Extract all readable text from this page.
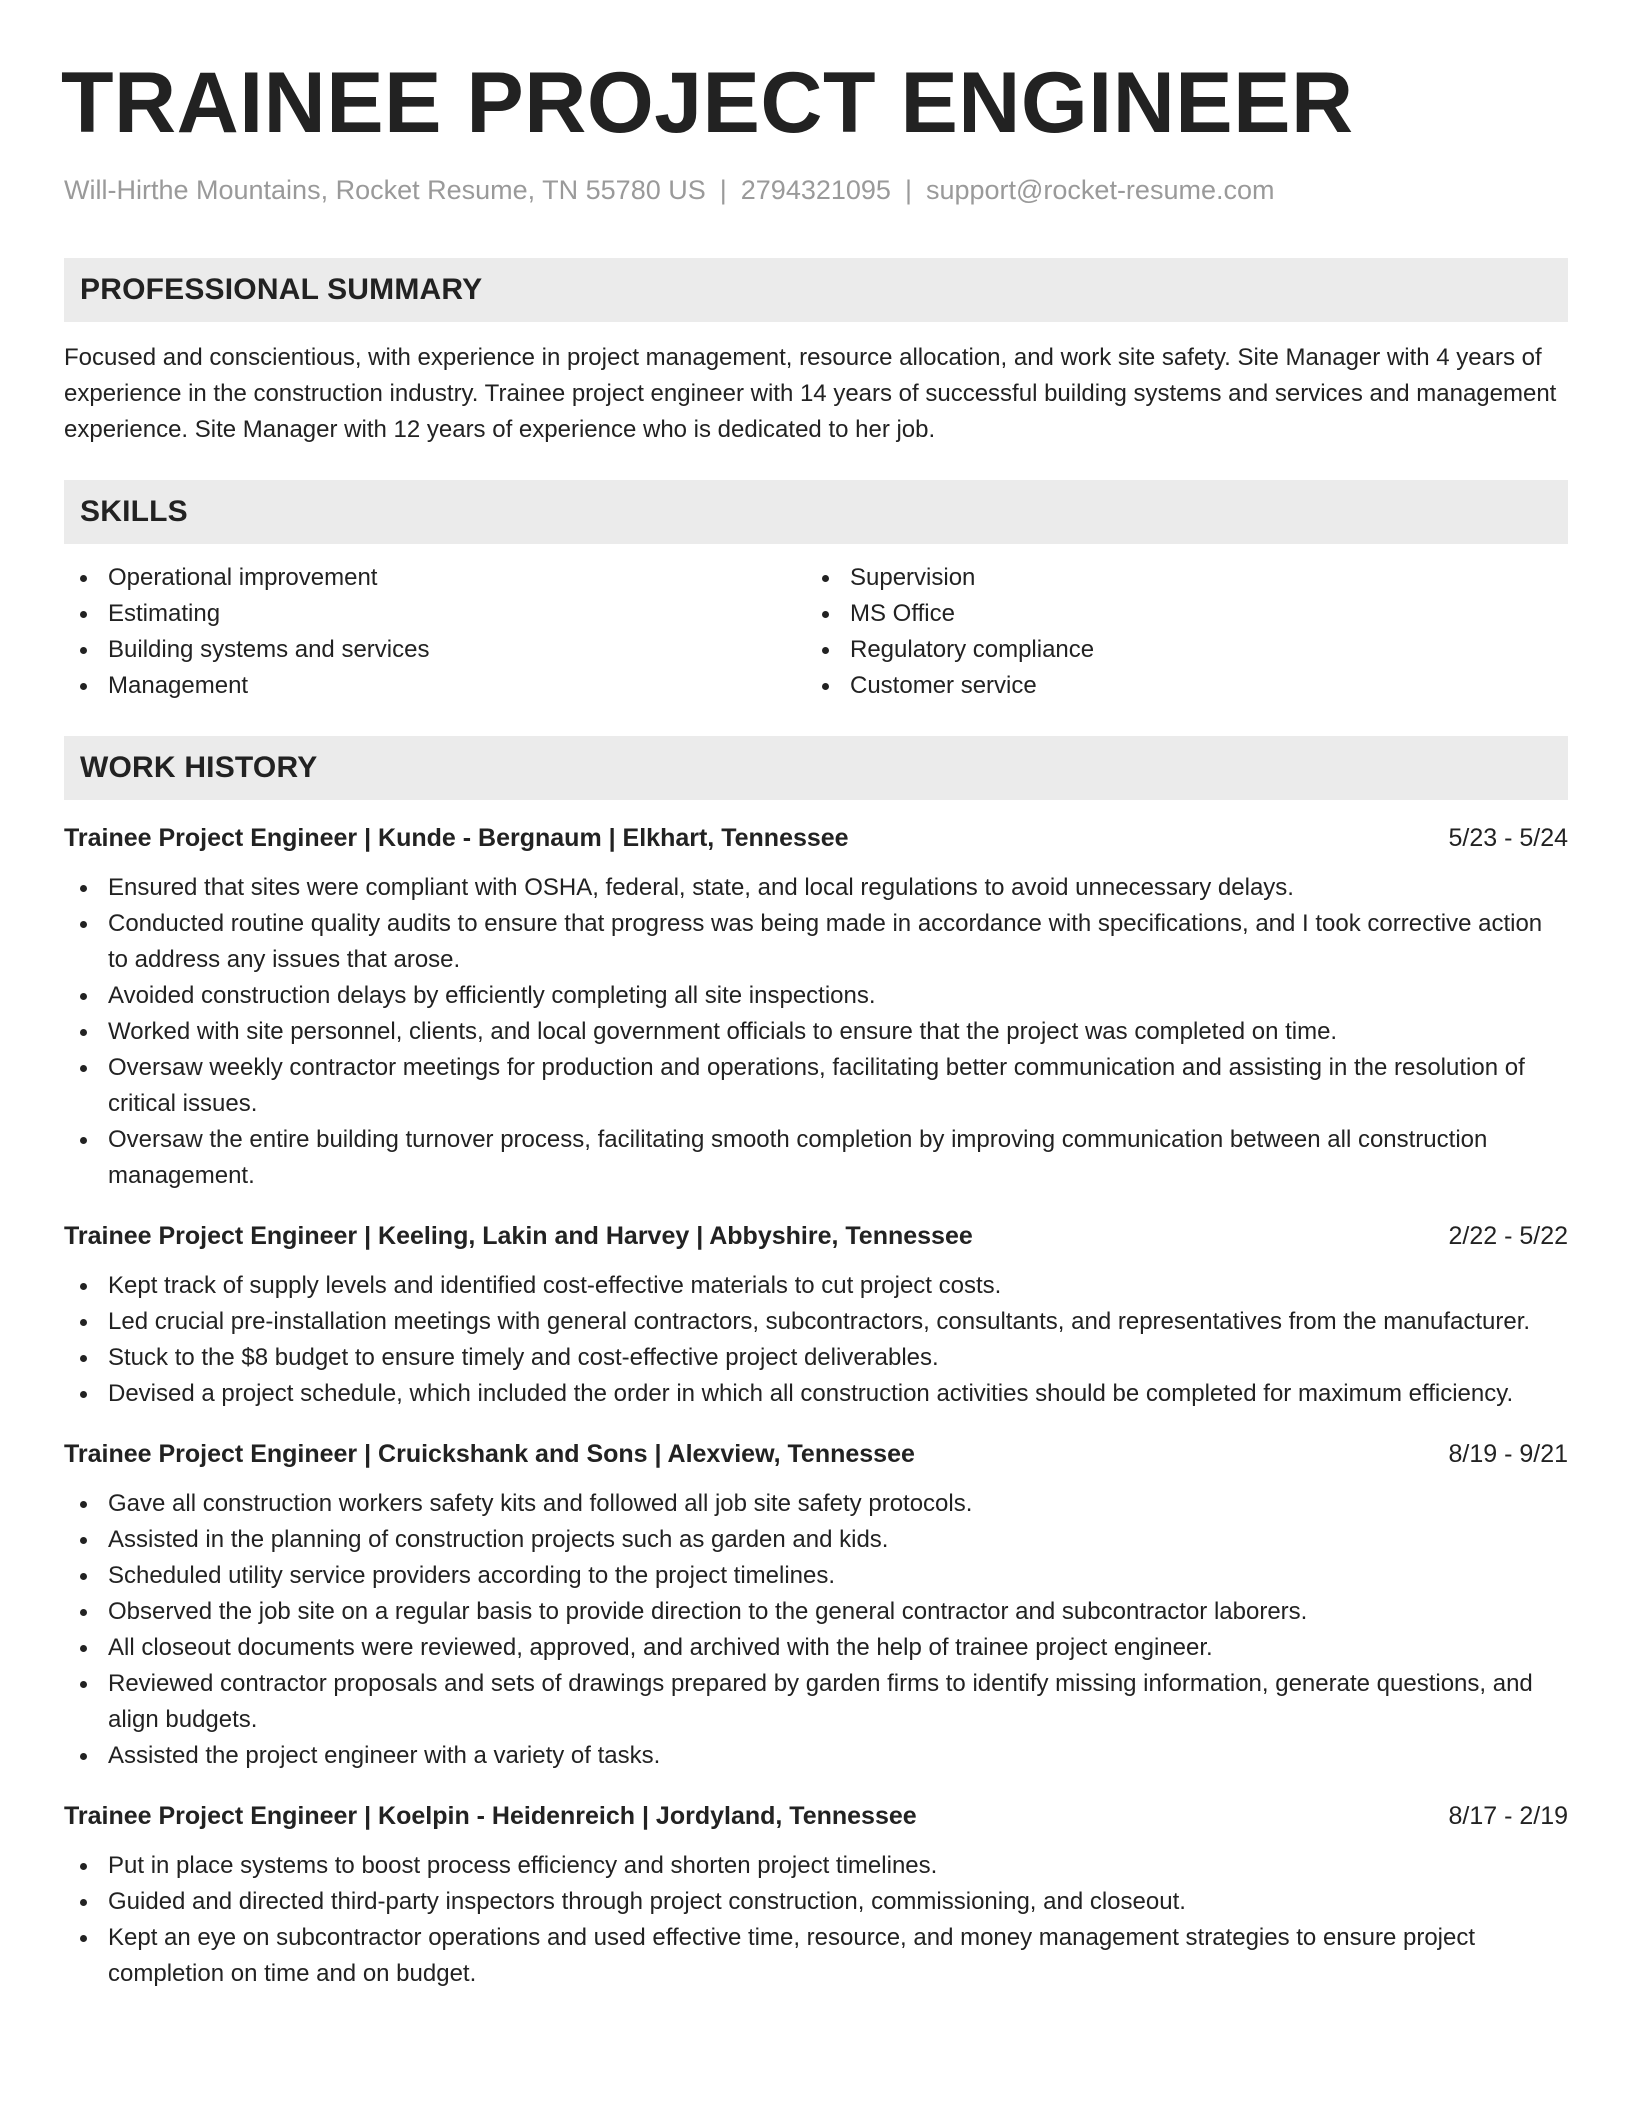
TRAINEE PROJECT ENGINEER
Will-Hirthe Mountains, Rocket Resume, TN 55780 US | 2794321095 | support@rocket-resume.com
PROFESSIONAL SUMMARY
Focused and conscientious, with experience in project management, resource allocation, and work site safety. Site Manager with 4 years of experience in the construction industry. Trainee project engineer with 14 years of successful building systems and services and management experience. Site Manager with 12 years of experience who is dedicated to her job.
SKILLS
Operational improvement
Estimating
Building systems and services
Management
Supervision
MS Office
Regulatory compliance
Customer service
WORK HISTORY
Trainee Project Engineer | Kunde - Bergnaum | Elkhart, Tennessee	5/23 - 5/24
Ensured that sites were compliant with OSHA, federal, state, and local regulations to avoid unnecessary delays.
Conducted routine quality audits to ensure that progress was being made in accordance with specifications, and I took corrective action to address any issues that arose.
Avoided construction delays by efficiently completing all site inspections.
Worked with site personnel, clients, and local government officials to ensure that the project was completed on time.
Oversaw weekly contractor meetings for production and operations, facilitating better communication and assisting in the resolution of critical issues.
Oversaw the entire building turnover process, facilitating smooth completion by improving communication between all construction management.
Trainee Project Engineer | Keeling, Lakin and Harvey | Abbyshire, Tennessee	2/22 - 5/22
Kept track of supply levels and identified cost-effective materials to cut project costs.
Led crucial pre-installation meetings with general contractors, subcontractors, consultants, and representatives from the manufacturer.
Stuck to the $8 budget to ensure timely and cost-effective project deliverables.
Devised a project schedule, which included the order in which all construction activities should be completed for maximum efficiency.
Trainee Project Engineer | Cruickshank and Sons | Alexview, Tennessee	8/19 - 9/21
Gave all construction workers safety kits and followed all job site safety protocols.
Assisted in the planning of construction projects such as garden and kids.
Scheduled utility service providers according to the project timelines.
Observed the job site on a regular basis to provide direction to the general contractor and subcontractor laborers.
All closeout documents were reviewed, approved, and archived with the help of trainee project engineer.
Reviewed contractor proposals and sets of drawings prepared by garden firms to identify missing information, generate questions, and align budgets.
Assisted the project engineer with a variety of tasks.
Trainee Project Engineer | Koelpin - Heidenreich | Jordyland, Tennessee	8/17 - 2/19
Put in place systems to boost process efficiency and shorten project timelines.
Guided and directed third-party inspectors through project construction, commissioning, and closeout.
Kept an eye on subcontractor operations and used effective time, resource, and money management strategies to ensure project completion on time and on budget.
